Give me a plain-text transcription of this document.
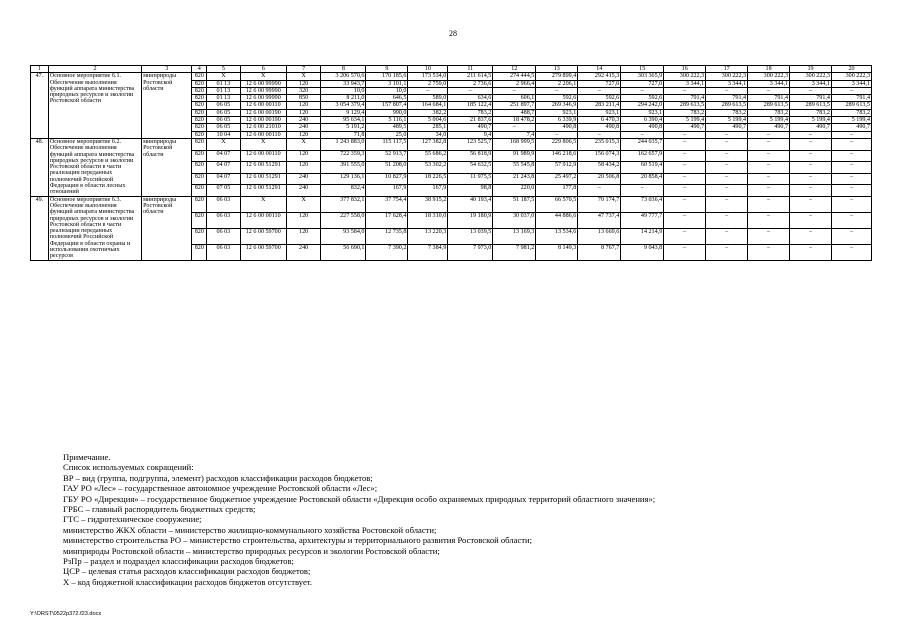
28
1	2	3	4	5	6	7	8	9	10	11	12	13	14	15	16	17	18	19	20
47.	Основное мероприятие 6.1. Обеспечение выполнения функций аппарата министерства природных ресурсов и экологии Ростовской области	минприроды Ростовской области	820	Х	Х	Х	3 206 570,6	170 185,6	173 534,0	211 614,5	274 444,5	279 899,4	292 415,3	303 365,9	300 222,3	300 222,3	300 222,3	300 222,3	300 222,3
			820	01 13	12 6 00 99990	120	33 943,7	3 101,1	2 759,0	2 736,6	2 966,4	2 206,1	727,0	727,0	3 344,1	3 344,1	3 344,1	3 344,1	3 344,1
			820	01 13	12 6 00 99990	320	10,0	10,0	–	–	–	–	–	–	–	–	–	–	–
			820	01 13	12 6 00 99990	850	8 211,0	646,5	589,0	634,6	606,1	592,6	592,6	592,6	791,4	791,4	791,4	791,4	791,4
			820	06 05	12 6 00 00110	120	3 054 379,4	157 807,4	164 684,1	185 122,4	251 897,7	269 346,9	283 211,4	294 242,0	289 613,5	289 613,5	289 613,5	289 613,5	289 613,5
			820	06 05	12 6 00 00190	120	9 129,4	990,0	382,2	783,2	488,7	923,1	923,1	923,1	783,2	783,2	783,2	783,2	783,2
			820	06 05	12 6 00 00190	240	95 634,1	5 116,1	5 004,6	21 837,6	18 478,2	6 339,9	6 470,3	6 390,4	5 199,4	5 199,4	5 199,4	5 199,4	5 199,4
			820	06 05	12 6 00 21010	240	5 191,2	489,5	285,1	490,7	–	490,8	490,8	490,8	490,7	490,7	490,7	490,7	490,7
			820	10 04	12 6 00 00110	120	71,8	25,0	34,0	9,4	7,4	–	–	–	–	–	–	–	–
48.	Основное мероприятие 6.2. Обеспечение выполнения функций аппарата министерства природных ресурсов и экологии Ростовской области в части реализации переданных полномочий Российской Федерации в области лесных отношений	минприроды Ростовской области	820	Х	Х	Х	1 243 883,0	115 117,5	127 382,8	123 525,7	168 999,5	229 806,5	235 015,3	244 035,7	–	–	–	–	–
			820	04 07	12 6 00 00110	120	722 359,3	52 913,7	55 686,2	56 818,9	91 989,9	146 218,6	156 074,3	162 657,9	–	–	–	–	–
			820	04 07	12 6 00 51291	120	391 555,0	51 208,0	53 302,2	54 632,5	55 545,8	57 912,9	58 434,2	60 519,4	–	–	–	–	–
			820	04 07	12 6 00 51291	240	129 136,1	10 827,9	18 226,5	11 975,5	21 243,8	25 497,2	20 506,8	20 858,4	–	–	–	–	–
			820	07 05	12 6 00 51291	240	832,4	167,9	167,9	98,8	220,0	177,8	–	–	–	–	–	–	–
49.	Основное мероприятие 6.3. Обеспечение выполнения функций аппарата министерства природных ресурсов и экологии Ростовской области в части реализации переданных полномочий Российской Федерации в области охраны и использования охотничьих ресурсов	минприроды Ростовской области	820	06 03	Х	Х	377 832,1	37 754,4	38 915,2	40 193,4	51 187,5	66 570,5	70 174,7	73 036,4	–	–	–	–	–
			820	06 03	12 6 00 00110	120	227 558,0	17 628,4	18 310,0	19 180,9	30 037,0	44 886,6	47 737,4	49 777,7	–	–	–	–	–
			820	06 03	12 6 00 59700	120	93 584,0	12 735,8	13 220,3	13 039,5	13 169,3	13 534,6	13 669,6	14 214,9	–	–	–	–	–
			820	06 03	12 6 00 59700	240	56 690,1	7 390,2	7 384,9	7 973,0	7 981,2	8 149,3	8 767,7	9 043,8	–	–	–	–	–
Примечание.
Список используемых сокращений:
ВР – вид (группа, подгруппа, элемент) расходов классификации расходов бюджетов;
ГАУ РО «Лес» – государственное автономное учреждение Ростовской области «Лес»;
ГБУ РО «Дирекция» – государственное бюджетное учреждение Ростовской области «Дирекция особо охраняемых природных территорий областного значения»;
ГРБС – главный распорядитель бюджетных средств;
ГТС – гидротехническое сооружение;
министерство ЖКХ области – министерство жилищно-коммунального хозяйства Ростовской области;
министерство строительства РО – министерство строительства, архитектуры и территориального развития Ростовской области;
минприроды Ростовской области – министерство природных ресурсов и экологии Ростовской области;
РзПр – раздел и подраздел классификации расходов бюджетов;
ЦСР – целевая статья расходов классификации расходов бюджетов;
Х – код бюджетной классификации расходов бюджетов отсутствует.
Y:\ORST\0522p372.f23.docx
